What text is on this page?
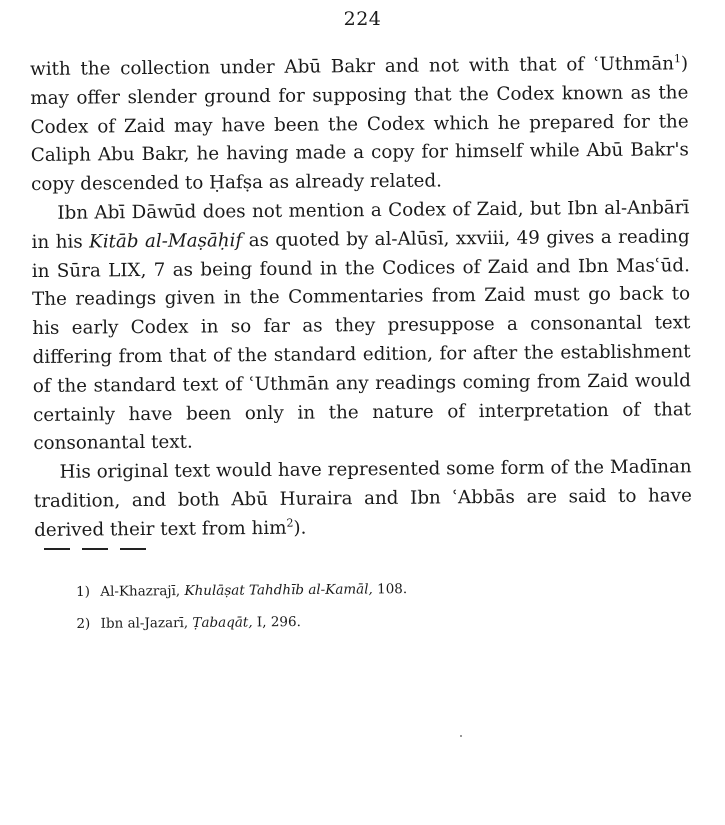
224

with the collection under Abū Bakr and not with that of ʿUthmān$^1$) may offer slender ground for supposing that the Codex known as the Codex of Zaid may have been the Codex which he prepared for the Caliph Abu Bakr, he having made a copy for himself while Abū Bakr's copy descended to Ḥafṣa as already related.

Ibn Abī Dāwūd does not mention a Codex of Zaid, but Ibn al-Anbārī in his Kitāb al-Maṣāḥif as quoted by al-Alūsī, xxviii, 49 gives a reading in Sūra LIX, 7 as being found in the Codices of Zaid and Ibn Masʿūd. The readings given in the Commentaries from Zaid must go back to his early Codex in so far as they presuppose a consonantal text differing from that of the standard edition, for after the establishment of the standard text of ʿUthmān any readings coming from Zaid would certainly have been only in the nature of interpretation of that consonantal text.

His original text would have represented some form of the Madīnan tradition, and both Abū Huraira and Ibn ʿAbbās are said to have derived their text from him$^2$).

1) Al-Khazrajī, Khulāṣat Tahdhīb al-Kamāl, 108.
2) Ibn al-Jazarī, Ṭabaqāt, I, 296.
